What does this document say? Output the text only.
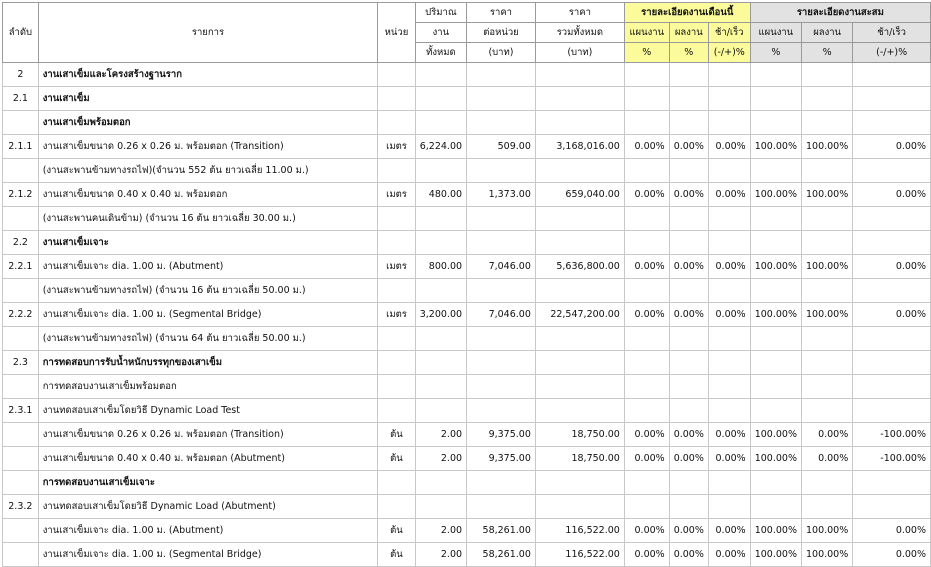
ลำดับ	รายการ	หน่วย	ปริมาณ	ราคา	ราคา	รายละเอียดงานเดือนนี้			รายละเอียดงานสะสม		
			งาน	ต่อหน่วย	รวมทั้งหมด	แผนงาน	ผลงาน	ช้า/เร็ว	แผนงาน	ผลงาน	ช้า/เร็ว
			ทั้งหมด	(บาท)	(บาท)	%	%	(-/+)%	%	%	(-/+)%
2	งานเสาเข็มและโครงสร้างฐานราก										
2.1	งานเสาเข็ม										
	งานเสาเข็มพร้อมตอก										
2.1.1	งานเสาเข็มขนาด 0.26 x 0.26 ม. พร้อมตอก (Transition)	เมตร	6,224.00	509.00	3,168,016.00	0.00%	0.00%	0.00%	100.00%	100.00%	0.00%
	(งานสะพานข้ามทางรถไฟ)(จำนวน 552 ต้น ยาวเฉลี่ย 11.00 ม.)										
2.1.2	งานเสาเข็มขนาด 0.40 x 0.40 ม. พร้อมตอก	เมตร	480.00	1,373.00	659,040.00	0.00%	0.00%	0.00%	100.00%	100.00%	0.00%
	(งานสะพานคนเดินข้าม) (จำนวน 16 ต้น ยาวเฉลี่ย 30.00 ม.)										
2.2	งานเสาเข็มเจาะ										
2.2.1	งานเสาเข็มเจาะ dia. 1.00 ม. (Abutment)	เมตร	800.00	7,046.00	5,636,800.00	0.00%	0.00%	0.00%	100.00%	100.00%	0.00%
	(งานสะพานข้ามทางรถไฟ) (จำนวน 16 ต้น ยาวเฉลี่ย 50.00 ม.)										
2.2.2	งานเสาเข็มเจาะ dia. 1.00 ม. (Segmental Bridge)	เมตร	3,200.00	7,046.00	22,547,200.00	0.00%	0.00%	0.00%	100.00%	100.00%	0.00%
	(งานสะพานข้ามทางรถไฟ) (จำนวน 64 ต้น ยาวเฉลี่ย 50.00 ม.)										
2.3	การทดสอบการรับน้ำหนักบรรทุกของเสาเข็ม										
	การทดสอบงานเสาเข็มพร้อมตอก										
2.3.1	งานทดสอบเสาเข็มโดยวิธี Dynamic Load Test										
	งานเสาเข็มขนาด 0.26 x 0.26 ม. พร้อมตอก (Transition)	ต้น	2.00	9,375.00	18,750.00	0.00%	0.00%	0.00%	100.00%	0.00%	-100.00%
	งานเสาเข็มขนาด 0.40 x 0.40 ม. พร้อมตอก (Abutment)	ต้น	2.00	9,375.00	18,750.00	0.00%	0.00%	0.00%	100.00%	0.00%	-100.00%
	การทดสอบงานเสาเข็มเจาะ										
2.3.2	งานทดสอบเสาเข็มโดยวิธี Dynamic Load (Abutment)										
	งานเสาเข็มเจาะ dia. 1.00 ม. (Abutment)	ต้น	2.00	58,261.00	116,522.00	0.00%	0.00%	0.00%	100.00%	100.00%	0.00%
	งานเสาเข็มเจาะ dia. 1.00 ม. (Segmental Bridge)	ต้น	2.00	58,261.00	116,522.00	0.00%	0.00%	0.00%	100.00%	100.00%	0.00%
